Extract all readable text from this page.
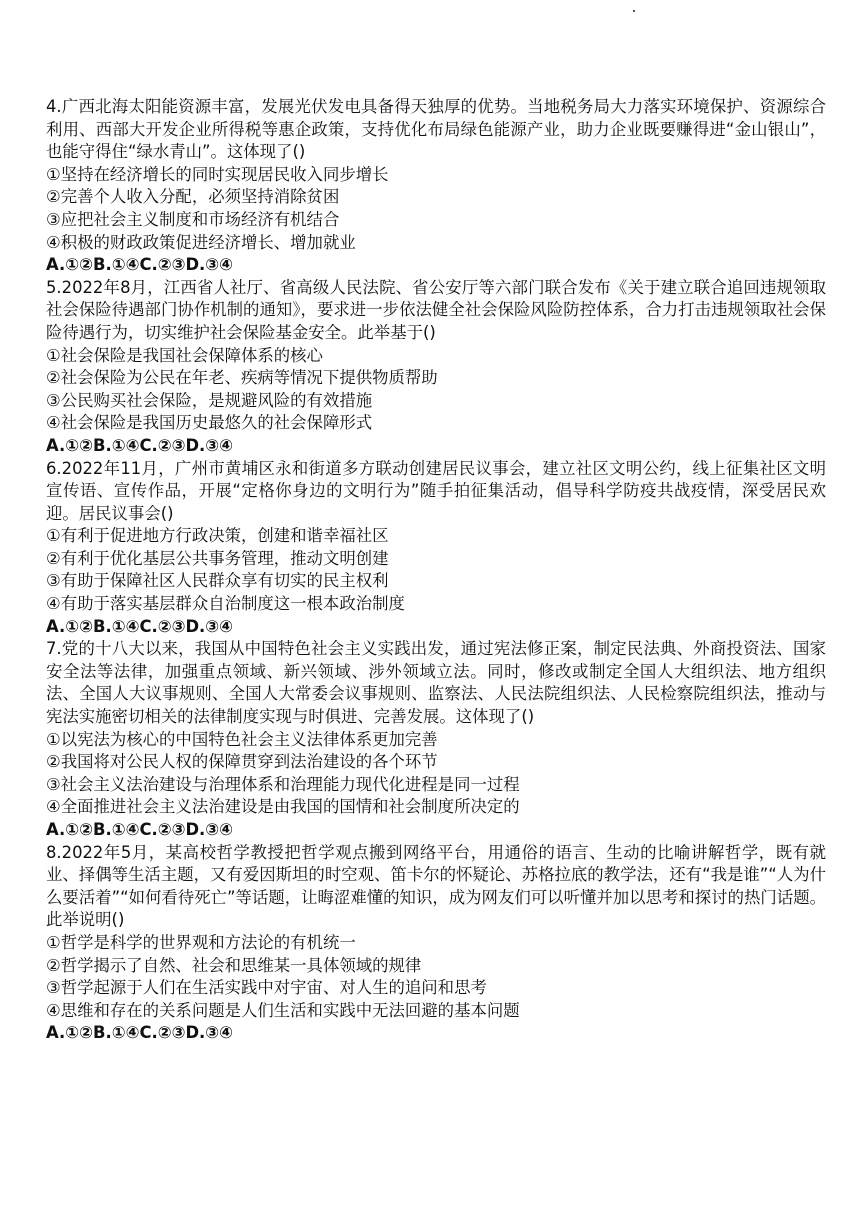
4.广西北海太阳能资源丰富，发展光伏发电具备得天独厚的优势。当地税务局大力落实环境保护、资源综合利用、西部大开发企业所得税等惠企政策，支持优化布局绿色能源产业，助力企业既要赚得进“金山银山”，也能守得住“绿水青山”。这体现了()

①坚持在经济增长的同时实现居民收入同步增长

②完善个人收入分配，必须坚持消除贫困

③应把社会主义制度和市场经济有机结合

④积极的财政政策促进经济增长、增加就业

A.①②B.①④C.②③D.③④

5.2022年8月，江西省人社厅、省高级人民法院、省公安厅等六部门联合发布《关于建立联合追回违规领取社会保险待遇部门协作机制的通知》，要求进一步依法健全社会保险风险防控体系，合力打击违规领取社会保险待遇行为，切实维护社会保险基金安全。此举基于()

①社会保险是我国社会保障体系的核心

②社会保险为公民在年老、疾病等情况下提供物质帮助

③公民购买社会保险，是规避风险的有效措施

④社会保险是我国历史最悠久的社会保障形式

A.①②B.①④C.②③D.③④

6.2022年11月，广州市黄埔区永和街道多方联动创建居民议事会，建立社区文明公约，线上征集社区文明宣传语、宣传作品，开展“定格你身边的文明行为”随手拍征集活动，倡导科学防疫共战疫情，深受居民欢迎。居民议事会()

①有利于促进地方行政决策，创建和谐幸福社区

②有利于优化基层公共事务管理，推动文明创建

③有助于保障社区人民群众享有切实的民主权利

④有助于落实基层群众自治制度这一根本政治制度

A.①②B.①④C.②③D.③④

7.党的十八大以来，我国从中国特色社会主义实践出发，通过宪法修正案，制定民法典、外商投资法、国家安全法等法律，加强重点领域、新兴领域、涉外领域立法。同时，修改或制定全国人大组织法、地方组织法、全国人大议事规则、全国人大常委会议事规则、监察法、人民法院组织法、人民检察院组织法，推动与宪法实施密切相关的法律制度实现与时俱进、完善发展。这体现了()

①以宪法为核心的中国特色社会主义法律体系更加完善

②我国将对公民人权的保障贯穿到法治建设的各个环节

③社会主义法治建设与治理体系和治理能力现代化进程是同一过程

④全面推进社会主义法治建设是由我国的国情和社会制度所决定的

A.①②B.①④C.②③D.③④

8.2022年5月，某高校哲学教授把哲学观点搬到网络平台，用通俗的语言、生动的比喻讲解哲学，既有就业、择偶等生活主题，又有爱因斯坦的时空观、笛卡尔的怀疑论、苏格拉底的教学法，还有“我是谁”“人为什么要活着”“如何看待死亡”等话题，让晦涩难懂的知识，成为网友们可以听懂并加以思考和探讨的热门话题。此举说明()

①哲学是科学的世界观和方法论的有机统一

②哲学揭示了自然、社会和思维某一具体领域的规律

③哲学起源于人们在生活实践中对宇宙、对人生的追问和思考

④思维和存在的关系问题是人们生活和实践中无法回避的基本问题

A.①②B.①④C.②③D.③④
